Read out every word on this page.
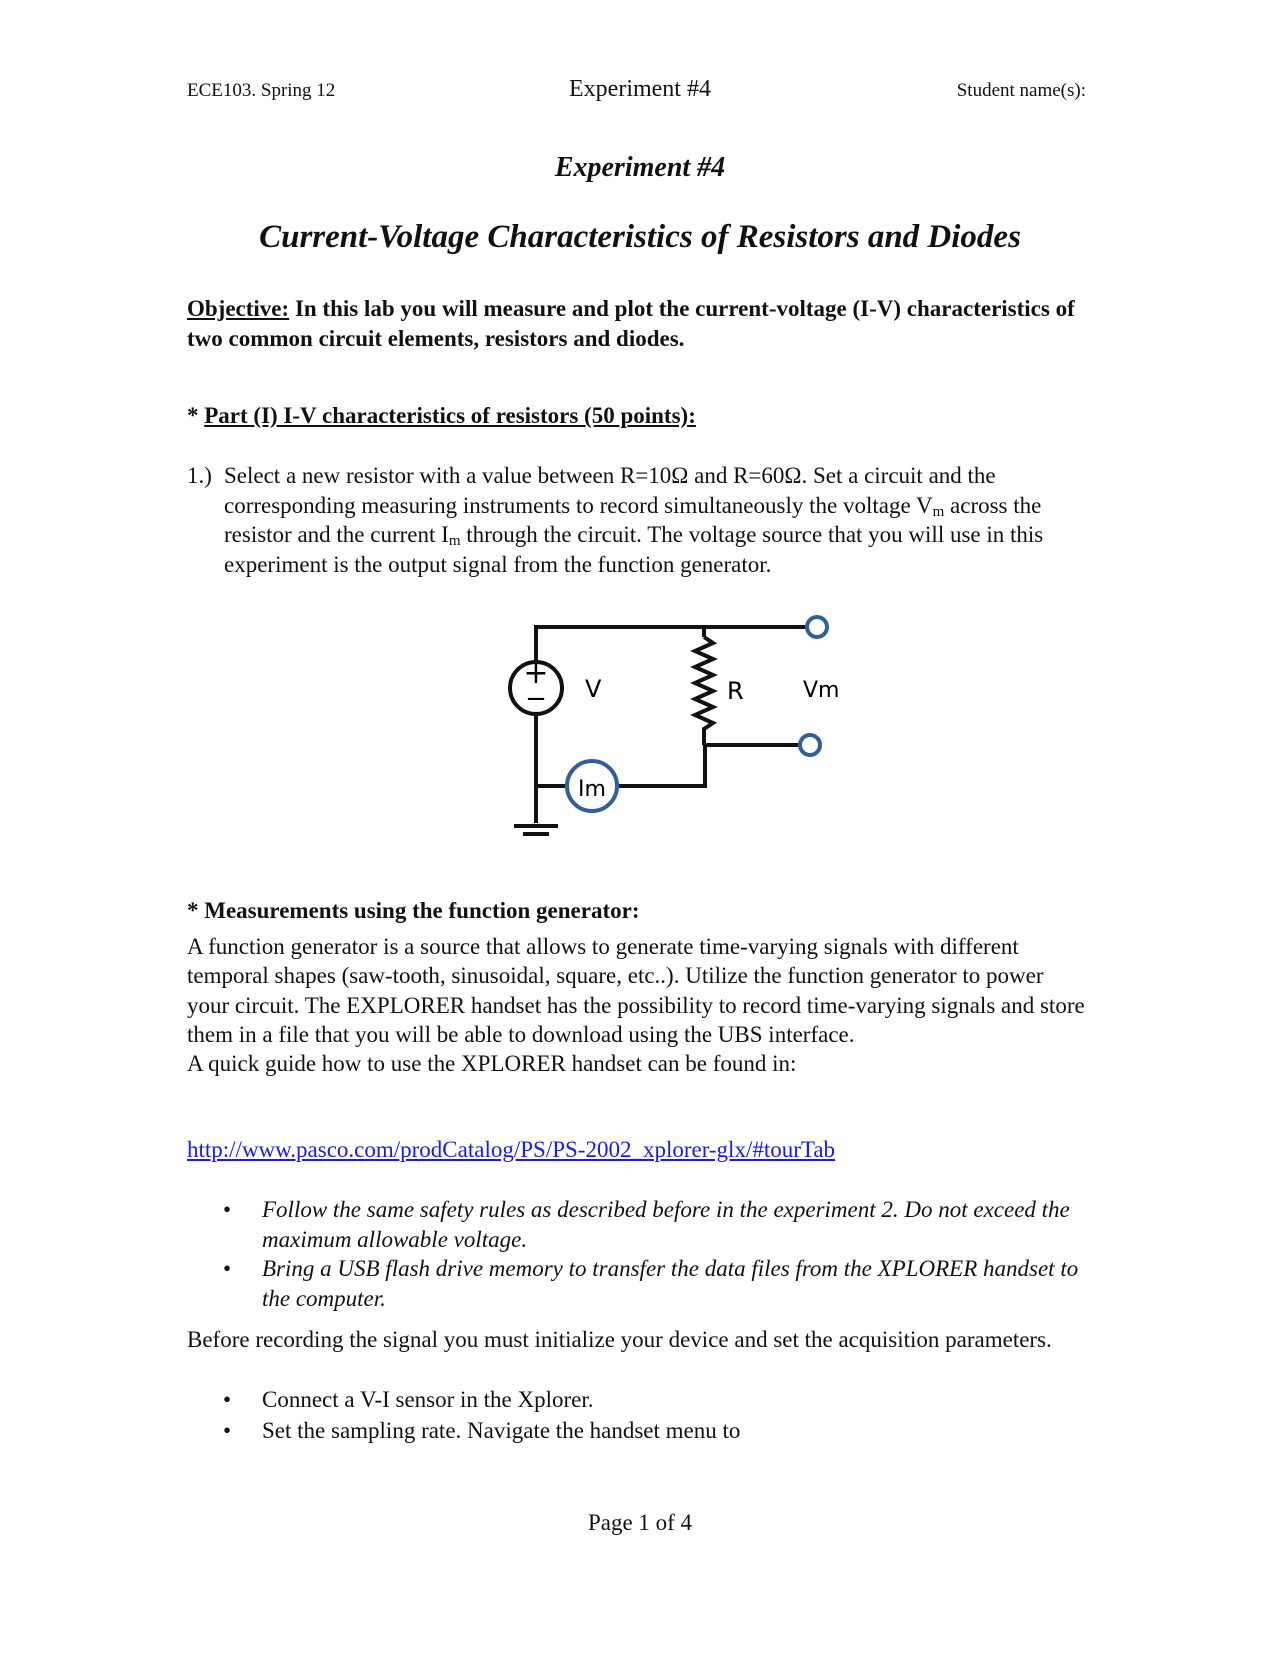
ECE103. Spring 12	Experiment #4	Student name(s):
Experiment #4
Current-Voltage Characteristics of Resistors and Diodes
Objective: In this lab you will measure and plot the current-voltage (I-V) characteristics of two common circuit elements, resistors and diodes.
* Part (I) I-V characteristics of resistors (50 points):
1.) Select a new resistor with a value between R=10Ω and R=60Ω. Set a circuit and the corresponding measuring instruments to record simultaneously the voltage $V_m$ across the resistor and the current $I_m$ through the circuit. The voltage source that you will use in this experiment is the output signal from the function generator.
+
− V	R	Vm
Im
* Measurements using the function generator:
A function generator is a source that allows to generate time-varying signals with different temporal shapes (saw-tooth, sinusoidal, square, etc..). Utilize the function generator to power your circuit. The EXPLORER handset has the possibility to record time-varying signals and store them in a file that you will be able to download using the UBS interface.
A quick guide how to use the XPLORER handset can be found in:
http://www.pasco.com/prodCatalog/PS/PS-2002_xplorer-glx/#tourTab
• Follow the same safety rules as described before in the experiment 2. Do not exceed the maximum allowable voltage.
• Bring a USB flash drive memory to transfer the data files from the XPLORER handset to the computer.
Before recording the signal you must initialize your device and set the acquisition parameters.
• Connect a V-I sensor in the Xplorer.
• Set the sampling rate. Navigate the handset menu to
Page 1 of 4
